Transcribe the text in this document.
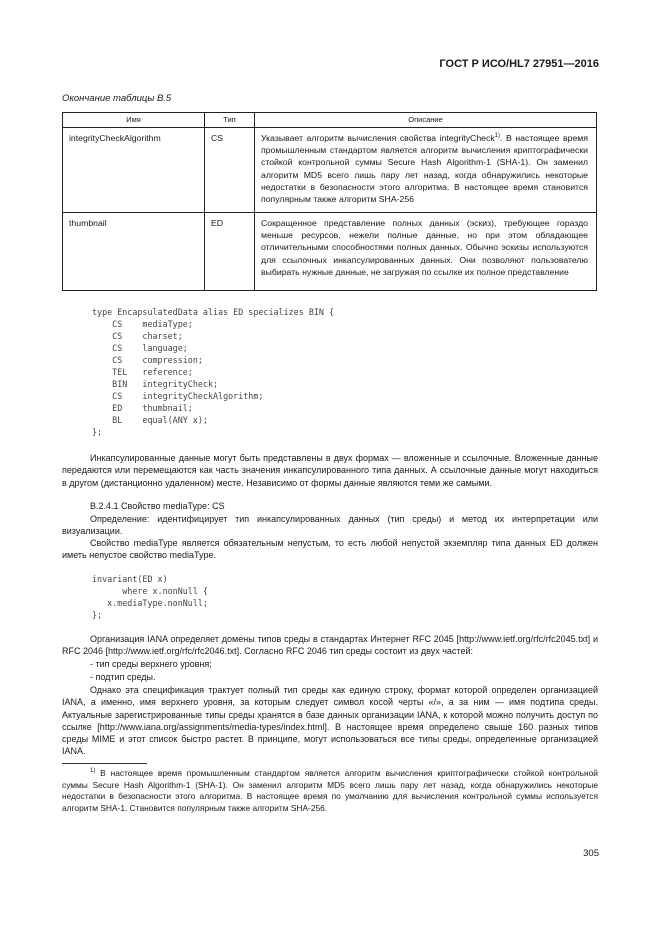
ГОСТ Р ИСО/HL7 27951—2016
Окончание таблицы В.5
Имя	Тип	Описание
integrityCheckAlgorithm	CS	Указывает алгоритм вычисления свойства integrityCheck$^{1)}$. В настоящее время промышленным стандартом является алгоритм вычисления криптографически стойкой контрольной суммы Secure Hash Algorithm-1 (SHA-1). Он заменил алгоритм MD5 всего лишь пару лет назад, когда обнаружились некоторые недостатки в безопасности этого алгоритма. В настоящее время становится популярным также алгоритм SHA-256
thumbnail	ED	Сокращенное представление полных данных (эскиз), требующее гораздо меньше ресурсов, нежели полные данные, но при этом обладающее отличительными способностями полных данных. Обычно эскизы используются для ссылочных инкапсулированных данных. Они позволяют пользователю выбирать нужные данные, не загружая по ссылке их полное представление
type EncapsulatedData alias ED specializes BIN {
CS    mediaType;
CS    charset;
CS    language;
CS    compression;
TEL   reference;
BIN   integrityCheck;
CS    integrityCheckAlgorithm;
ED    thumbnail;
BL    equal(ANY x);
};
Инкапсулированные данные могут быть представлены в двух формах — вложенные и ссылочные. Вложенные данные передаются или перемещаются как часть значения инкапсулированного типа данных. А ссылочные данные могут находиться в другом (дистанционно удаленном) месте. Независимо от формы данные являются теми же самыми.
В.2.4.1 Свойство mediaType: CS
Определение: идентифицирует тип инкапсулированных данных (тип среды) и метод их интерпретации или визуализации.
Свойство mediaType является обязательным непустым, то есть любой непустой экземпляр типа данных ED должен иметь непустое свойство mediaType.
invariant(ED x)
where x.nonNull {
x.mediaType.nonNull;
};
Организация IANA определяет домены типов среды в стандартах Интернет RFC 2045 [http://www.ietf.org/rfc/rfc2045.txt] и RFC 2046 [http://www.ietf.org/rfc/rfc2046.txt]. Согласно RFC 2046 тип среды состоит из двух частей:
- тип среды верхнего уровня;
- подтип среды.
Однако эта спецификация трактует полный тип среды как единую строку, формат которой определен организацией IANA, а именно, имя верхнего уровня, за которым следует символ косой черты «/», а за ним — имя подтипа среды. Актуальные зарегистрированные типы среды хранятся в базе данных организации IANA, к которой можно получить доступ по ссылке [http://www.iana.org/assignments/media-types/index.html]. В настоящее время определено свыше 160 разных типов среды MIME и этот список быстро растет. В принципе, могут использоваться все типы среды, определенные организацией IANA.
$^{1)}$ В настоящее время промышленным стандартом является алгоритм вычисления криптографически стойкой контрольной суммы Secure Hash Algorithm-1 (SHA-1). Он заменил алгоритм MD5 всего лишь пару лет назад, когда обнаружились некоторые недостатки в безопасности этого алгоритма. В настоящее время по умолчанию для вычисления контрольной суммы используется алгоритм SHA-1. Становится популярным также алгоритм SHA-256.
305
